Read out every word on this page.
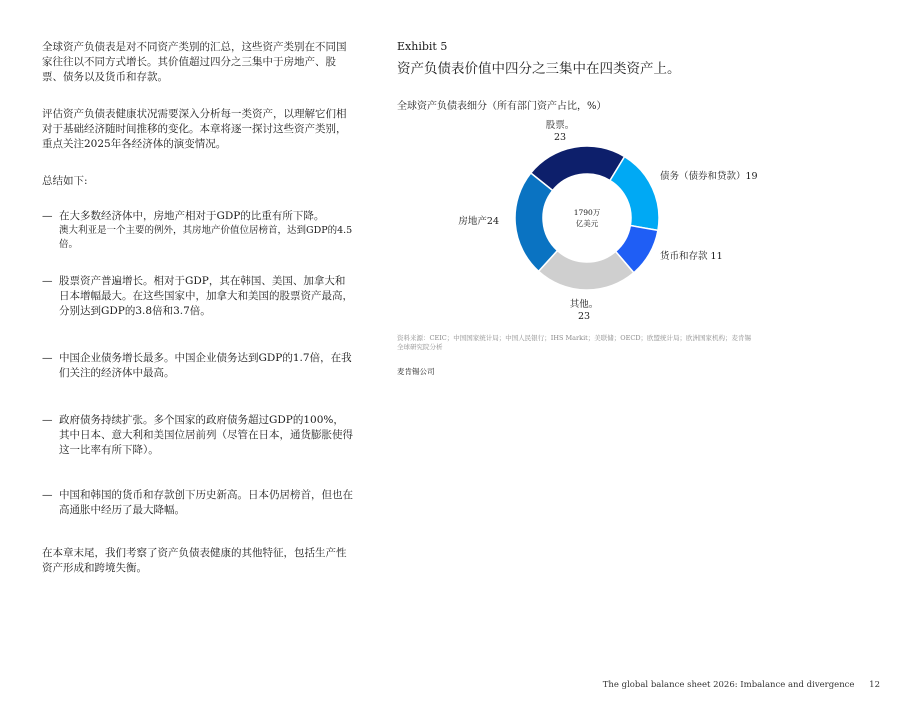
全球资产负债表是对不同资产类别的汇总，这些资产类别在不同国家往往以不同方式增长。其价值超过四分之三集中于房地产、股票、债务以及货币和存款。

评估资产负债表健康状况需要深入分析每一类资产，以理解它们相对于基础经济随时间推移的变化。本章将逐一探讨这些资产类别，重点关注2025年各经济体的演变情况。

总结如下:

— 在大多数经济体中，房地产相对于GDP的比重有所下降。
澳大利亚是一个主要的例外，其房地产价值位居榜首，达到GDP的4.5倍。
— 股票资产普遍增长。相对于GDP，其在韩国、美国、加拿大和日本增幅最大。在这些国家中，加拿大和美国的股票资产最高，分别达到GDP的3.8倍和3.7倍。
— 中国企业债务增长最多。中国企业债务达到GDP的1.7倍，在我们关注的经济体中最高。
— 政府债务持续扩张。多个国家的政府债务超过GDP的100%，其中日本、意大利和美国位居前列（尽管在日本，通货膨胀使得这一比率有所下降）。
— 中国和韩国的货币和存款创下历史新高。日本仍居榜首，但也在高通胀中经历了最大降幅。

在本章末尾，我们考察了资产负债表健康的其他特征，包括生产性资产形成和跨境失衡。

Exhibit 5

资产负债表价值中四分之三集中在四类资产上。

全球资产负债表细分（所有部门资产占比，%）

股票。 23
债务（债券和贷款）19
货币和存款 11
其他。 23
房地产24
1790万亿美元
资料来源：CEIC；中国国家统计局；中国人民银行；IHS Markit；美联储；OECD；欧盟统计局；欧洲国家机构；麦肯锡全球研究院分析
麦肯锡公司
The global balance sheet 2026: Imbalance and divergence 12
